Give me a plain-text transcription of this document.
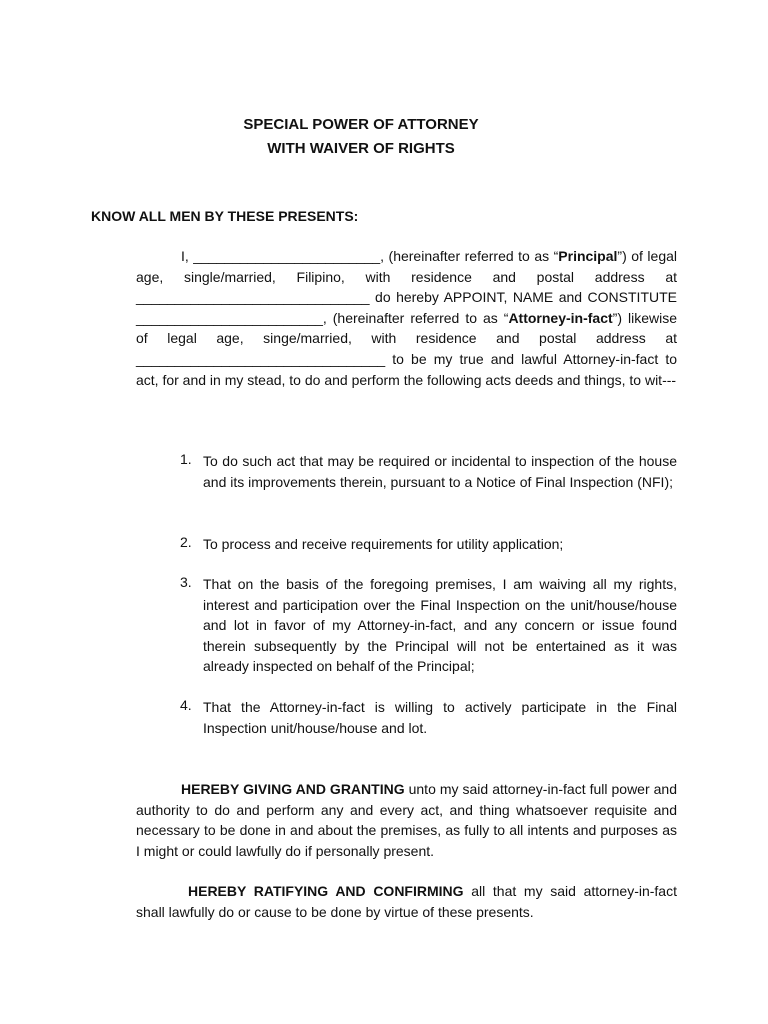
SPECIAL POWER OF ATTORNEY

WITH WAIVER OF RIGHTS

KNOW ALL MEN BY THESE PRESENTS:

I, ________________________, (hereinafter referred to as “Principal”) of legal age, single/married, Filipino, with residence and postal address at ______________________________ do hereby APPOINT, NAME and CONSTITUTE ________________________, (hereinafter referred to as “Attorney-in-fact”) likewise of legal age, singe/married, with residence and postal address at ________________________________ to be my true and lawful Attorney-in-fact to act, for and in my stead, to do and perform the following acts deeds and things, to wit---

1. To do such act that may be required or incidental to inspection of the house and its improvements therein, pursuant to a Notice of Final Inspection (NFI);
2. To process and receive requirements for utility application;
3. That on the basis of the foregoing premises, I am waiving all my rights, interest and participation over the Final Inspection on the unit/house/house and lot in favor of my Attorney-in-fact, and any concern or issue found therein subsequently by the Principal will not be entertained as it was already inspected on behalf of the Principal;
4. That the Attorney-in-fact is willing to actively participate in the Final Inspection unit/house/house and lot.

HEREBY GIVING AND GRANTING unto my said attorney-in-fact full power and authority to do and perform any and every act, and thing whatsoever requisite and necessary to be done in and about the premises, as fully to all intents and purposes as I might or could lawfully do if personally present.

HEREBY RATIFYING AND CONFIRMING all that my said attorney-in-fact shall lawfully do or cause to be done by virtue of these presents.
